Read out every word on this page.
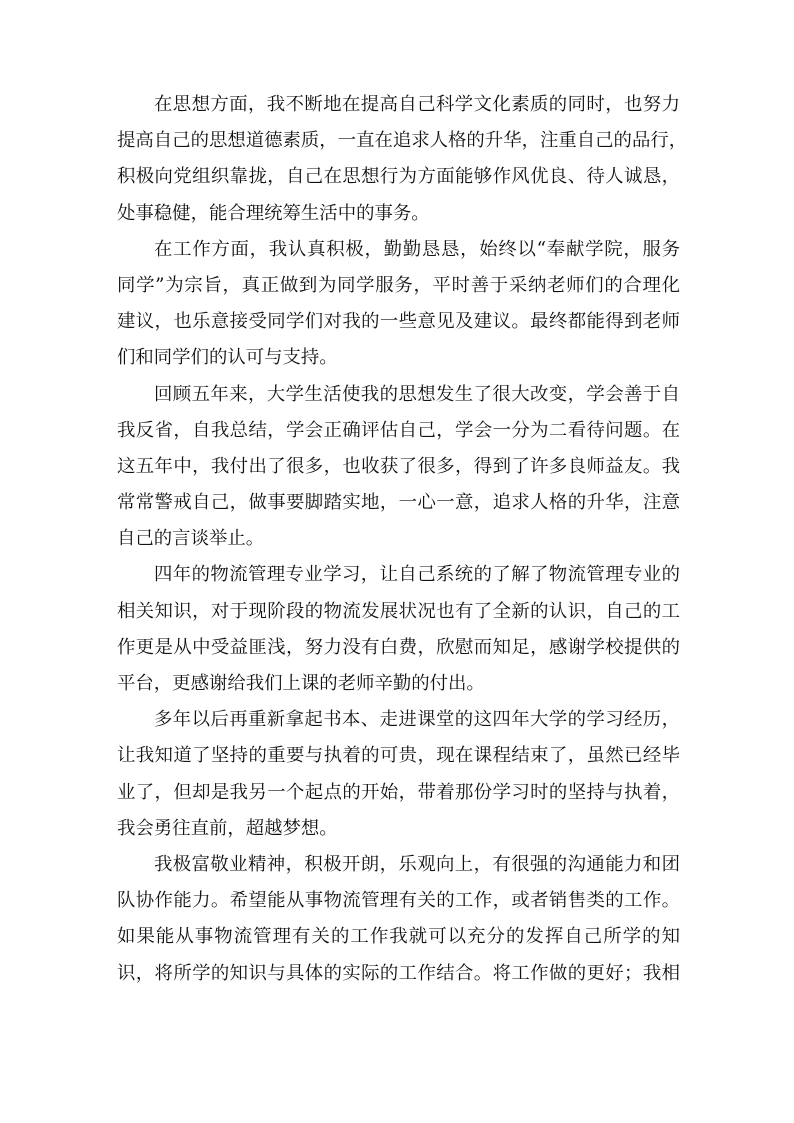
在思想方面，我不断地在提高自己科学文化素质的同时，也努力
提高自己的思想道德素质，一直在追求人格的升华，注重自己的品行，
积极向党组织靠拢，自己在思想行为方面能够作风优良、待人诚恳，
处事稳健，能合理统筹生活中的事务。
在工作方面，我认真积极，勤勤恳恳，始终以“奉献学院，服务
同学”为宗旨，真正做到为同学服务，平时善于采纳老师们的合理化
建议，也乐意接受同学们对我的一些意见及建议。最终都能得到老师
们和同学们的认可与支持。
回顾五年来，大学生活使我的思想发生了很大改变，学会善于自
我反省，自我总结，学会正确评估自己，学会一分为二看待问题。在
这五年中，我付出了很多，也收获了很多，得到了许多良师益友。我
常常警戒自己，做事要脚踏实地，一心一意，追求人格的升华，注意
自己的言谈举止。
四年的物流管理专业学习，让自己系统的了解了物流管理专业的
相关知识，对于现阶段的物流发展状况也有了全新的认识，自己的工
作更是从中受益匪浅，努力没有白费，欣慰而知足，感谢学校提供的
平台，更感谢给我们上课的老师辛勤的付出。
多年以后再重新拿起书本、走进课堂的这四年大学的学习经历，
让我知道了坚持的重要与执着的可贵，现在课程结束了，虽然已经毕
业了，但却是我另一个起点的开始，带着那份学习时的坚持与执着，
我会勇往直前，超越梦想。
我极富敬业精神，积极开朗，乐观向上，有很强的沟通能力和团
队协作能力。希望能从事物流管理有关的工作，或者销售类的工作。
如果能从事物流管理有关的工作我就可以充分的发挥自己所学的知
识，将所学的知识与具体的实际的工作结合。将工作做的更好；我相
